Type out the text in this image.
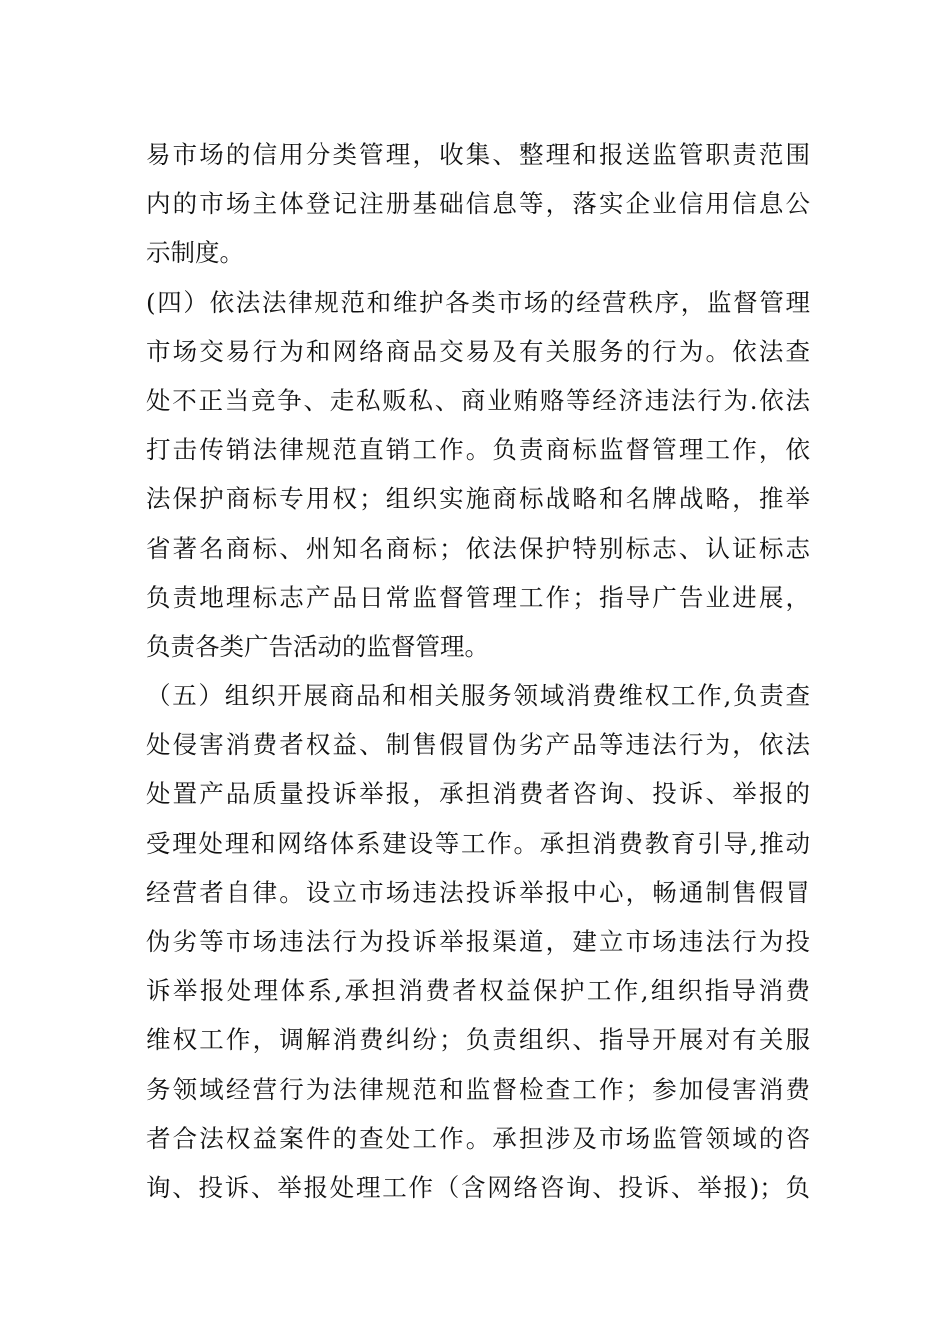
易市场的信用分类管理，收集、整理和报送监管职责范围
内的市场主体登记注册基础信息等，落实企业信用信息公
示制度。
(四）依法法律规范和维护各类市场的经营秩序，监督管理
市场交易行为和网络商品交易及有关服务的行为。依法查
处不正当竞争、走私贩私、商业贿赂等经济违法行为.依法
打击传销法律规范直销工作。负责商标监督管理工作，依
法保护商标专用权；组织实施商标战略和名牌战略，推举
省著名商标、州知名商标；依法保护特别标志、认证标志
负责地理标志产品日常监督管理工作；指导广告业进展，
负责各类广告活动的监督管理。
（五）组织开展商品和相关服务领域消费维权工作,负责查
处侵害消费者权益、制售假冒伪劣产品等违法行为，依法
处置产品质量投诉举报，承担消费者咨询、投诉、举报的
受理处理和网络体系建设等工作。承担消费教育引导,推动
经营者自律。设立市场违法投诉举报中心，畅通制售假冒
伪劣等市场违法行为投诉举报渠道，建立市场违法行为投
诉举报处理体系,承担消费者权益保护工作,组织指导消费
维权工作，调解消费纠纷；负责组织、指导开展对有关服
务领域经营行为法律规范和监督检查工作；参加侵害消费
者合法权益案件的查处工作。承担涉及市场监管领域的咨
询、投诉、举报处理工作（含网络咨询、投诉、举报)；负
